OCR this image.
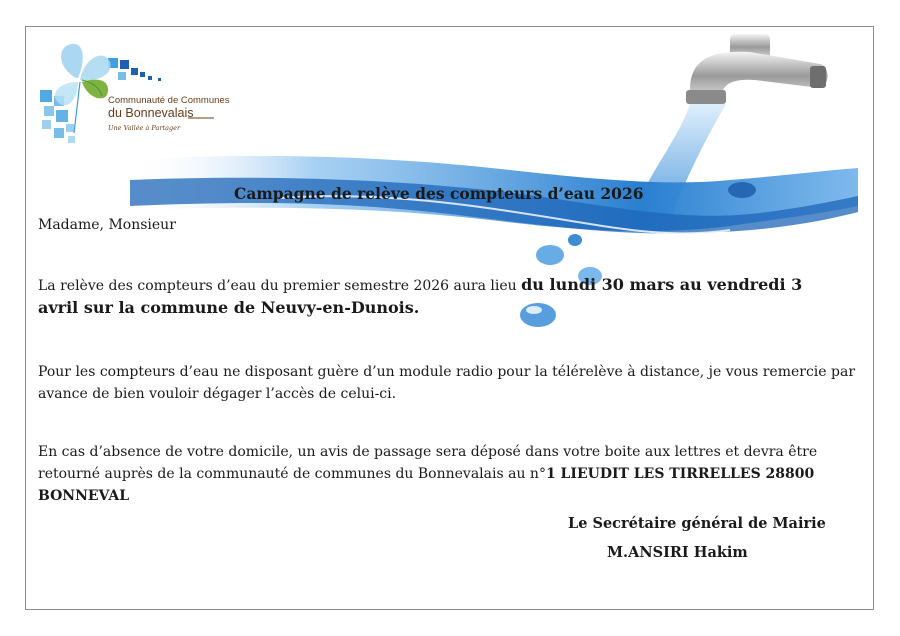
Communauté de Communes
du Bonnevalais
Une Vallée à Partager
Campagne de relève des compteurs d’eau 2026

Madame, Monsieur

La relève des compteurs d’eau du premier semestre 2026 aura lieu du lundi 30 mars au vendredi 3 avril sur la commune de Neuvy-en-Dunois.

Pour les compteurs d’eau ne disposant guère d’un module radio pour la télérelève à distance, je vous remercie par avance de bien vouloir dégager l’accès de celui-ci.

En cas d’absence de votre domicile, un avis de passage sera déposé dans votre boite aux lettres et devra être retourné auprès de la communauté de communes du Bonnevalais au n°1 LIEUDIT LES TIRRELLES 28800 BONNEVAL

Le Secrétaire général de Mairie
M.ANSIRI Hakim
